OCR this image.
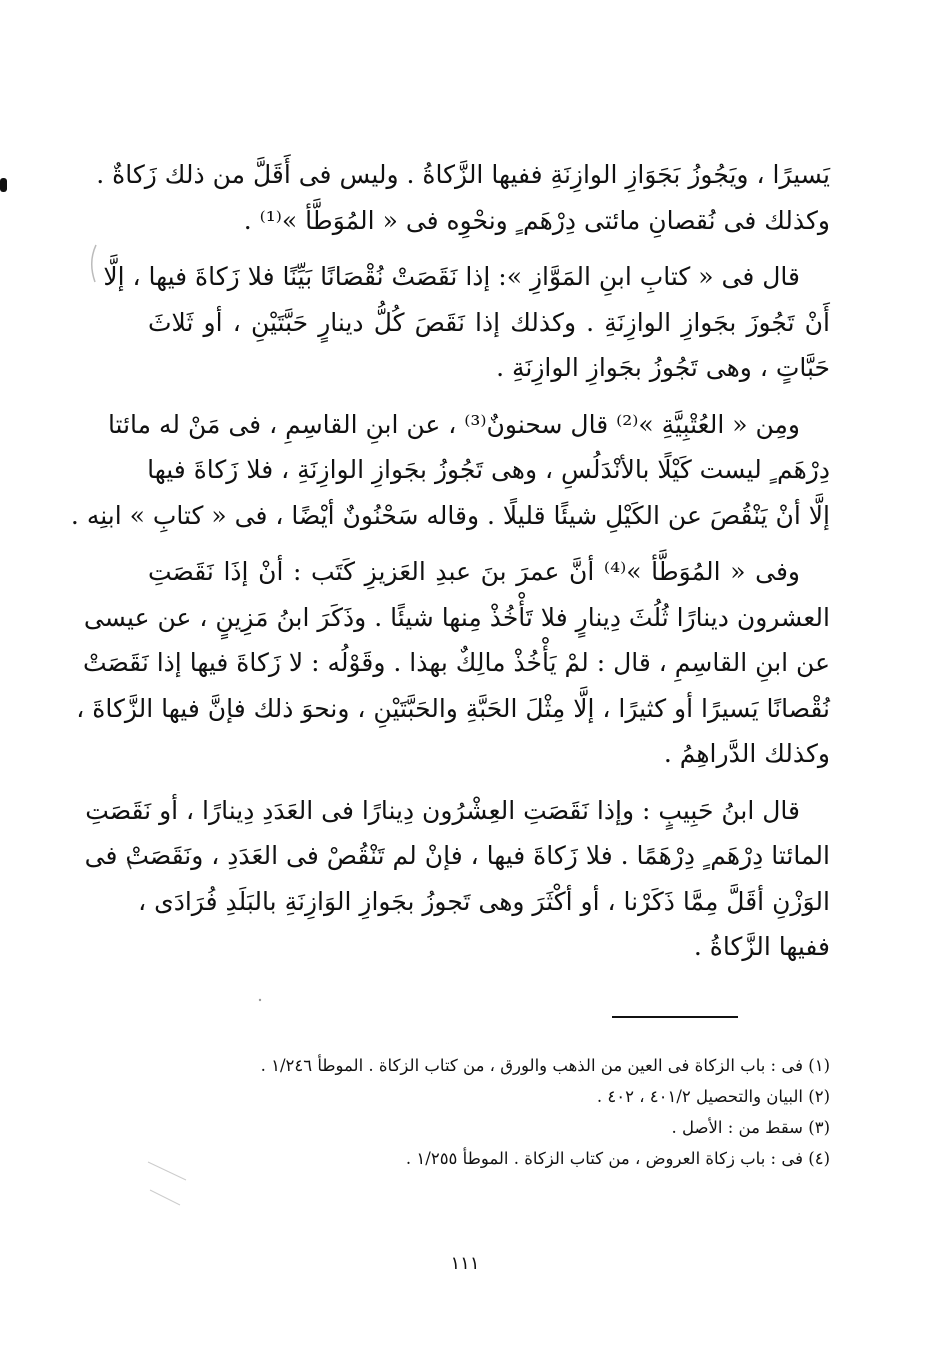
يَسيرًا ، ويَجُوزُ بَجَوَازِ الوازِنَةِ ففيها الزَّكاةُ . وليس فى أَقَلَّ من ذلك زَكاةٌ .
وكذلك فى نُقصانِ مائتى دِرْهَم ٍ ونحْوِه فى « المُوَطَّأ »⁽¹⁾ .
قال فى « كتابِ ابنِ المَوَّازِ »: إذا نَقَصَتْ نُقْصَانًا بَيِّنًا فلا زَكاةَ فيها ، إلَّا
أَنْ تَجُوزَ بجَوازِ الوازِنَةِ . وكذلك إذا نَقَصَ كُلُّ دينارٍ حَبَّتَيْنِ ، أو ثَلاثَ
حَبَّاتٍ ، وهى تَجُوزُ بجَوازِ الوازِنَةِ .
ومِن « العُتْبِيَّةِ »⁽²⁾ قال سحنونٌ⁽³⁾ ، عن ابنِ القاسِمِ ، فى مَنْ له مائتا
دِرْهَم ٍ ليست كَيْلًا بالأنْدَلُسِ ، وهى تَجُوزُ بجَوازِ الوازِنَةِ ، فلا زَكاةَ فيها
إلَّا أنْ يَنْقُصَ عن الكَيْلِ شيئًا قليلًا . وقاله سَحْنُونٌ أيْضًا ، فى « كتابِ » ابنِه .
وفى « المُوَطَّأ »⁽⁴⁾ أنَّ عمرَ بنَ عبدِ العَزيزِ كَتَب : أنْ إذَا نَقَصَتِ
العشرون دينارًا ثُلُثَ دِينارٍ فلا تَأْخُذْ مِنها شيئًا . وذَكَرَ ابنُ مَزِينٍ ، عن عيسى
عن ابنِ القاسِمِ ، قال : لمْ يَأْخُذْ مالِكٌ بهذا . وقَوْلُه : لا زَكاةَ فيها إذا نَقَصَتْ
نُقْصانًا يَسيرًا أو كثيرًا ، إلَّا مِثْلَ الحَبَّةِ والحَبَّتَيْنِ ، ونحوَ ذلك فإنَّ فيها الزَّكاةَ ،
وكذلك الدَّراهِمُ .
قال ابنُ حَبِيبٍ : وإذا نَقَصَتِ العِشْرُون دِينارًا فى العَدَدِ دِينارًا ، أو نَقَصَتِ
المائتا دِرْهَم ٍ دِرْهَمًا . فلا زَكاةَ فيها ، فإنْ لم تَنْقُصْ فى العَدَدِ ، ونَقَصَتْ فى
الوَزْنِ أقَلَّ مِمَّا ذَكَرْنا ، أو أكْثَرَ وهى تَجوزُ بجَوازِ الوَازِنَةِ بالبَلَدِ فُرَادَى ،
ففيها الزَّكاةُ .
(١) فى : باب الزكاة فى العين من الذهب والورق ، من كتاب الزكاة . الموطأ ١/٢٤٦ .
(٢) البيان والتحصيل ٤٠١/٢ ، ٤٠٢ .
(٣) سقط من : الأصل .
(٤) فى : باب زكاة العروض ، من كتاب الزكاة . الموطأ ١/٢٥٥ .
١١١
